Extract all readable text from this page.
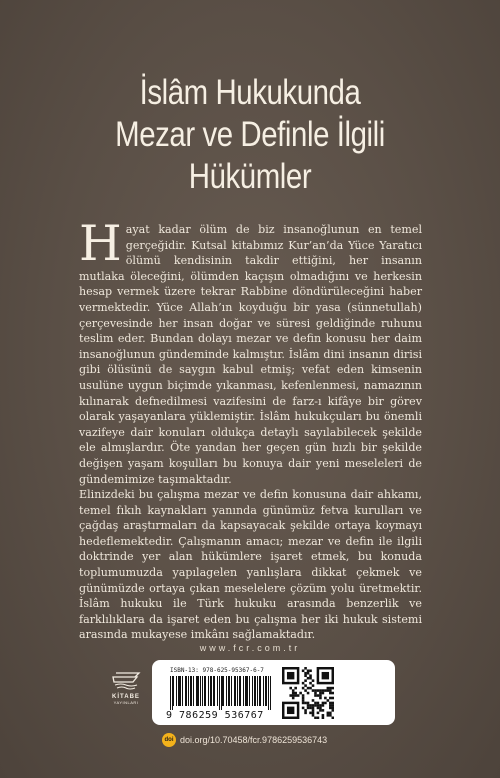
İslâm Hukukunda
Mezar ve Definle İlgili
Hükümler

Hayat kadar ölüm de biz insanoğlunun en temel gerçeğidir. Kutsal kitabımız Kur’an’da Yüce Yaratıcı ölümü kendisinin takdir ettiğini, her insanın mutlaka öleceğini, ölümden kaçışın olmadığını ve herkesin hesap vermek üzere tekrar Rabbine döndürüleceğini haber vermektedir. Yüce Allah’ın koyduğu bir yasa (sünnetullah) çerçevesinde her insan doğar ve süresi geldiğinde ruhunu teslim eder. Bundan dolayı mezar ve defin konusu her daim insanoğlunun gündeminde kalmıştır. İslâm dini insanın dirisi gibi ölüsünü de saygın kabul etmiş; vefat eden kimsenin usulüne uygun biçimde yıkanması, kefenlenmesi, namazının kılınarak defnedilmesi vazifesini de farz-ı kifâye bir görev olarak yaşayanlara yüklemiştir. İslâm hukukçuları bu önemli vazifeye dair konuları oldukça detaylı sayılabilecek şekilde ele almışlardır. Öte yandan her geçen gün hızlı bir şekilde değişen yaşam koşulları bu konuya dair yeni meseleleri de gündemimize taşımaktadır.

Elinizdeki bu çalışma mezar ve defin konusuna dair ahkamı, temel fıkıh kaynakları yanında günümüz fetva kurulları ve çağdaş araştırmaları da kapsayacak şekilde ortaya koymayı hedeflemektedir. Çalışmanın amacı; mezar ve defin ile ilgili doktrinde yer alan hükümlere işaret etmek, bu konuda toplumumuzda yapılagelen yanlışlara dikkat çekmek ve günümüzde ortaya çıkan meselelere çözüm yolu üretmektir. İslâm hukuku ile Türk hukuku arasında benzerlik ve farklılıklara da işaret eden bu çalışma her iki hukuk sistemi arasında mukayese imkânı sağlamaktadır.

www.fcr.com.tr
KİTABE
YAYINLARI
ISBN-13: 978-625-95367-6-7
9 786259 536767
doi doi.org/10.70458/fcr.9786259536743
